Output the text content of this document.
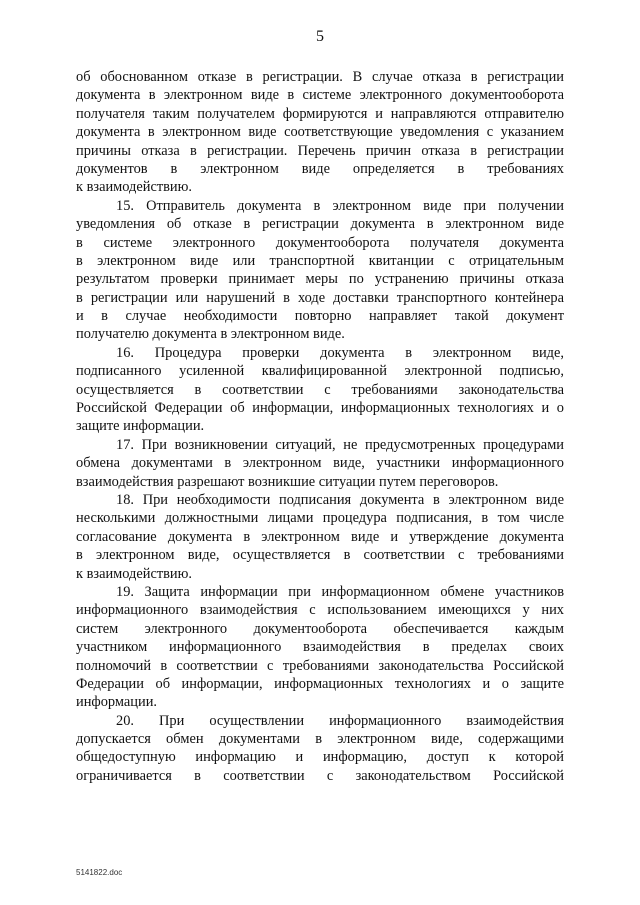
5
об обоснованном отказе в регистрации. В случае отказа в регистрации
документа в электронном виде в системе электронного документооборота
получателя таким получателем формируются и направляются отправителю
документа в электронном виде соответствующие уведомления с указанием
причины отказа в регистрации. Перечень причин отказа в регистрации
документов в электронном виде определяется в требованиях
к взаимодействию.
15. Отправитель документа в электронном виде при получении
уведомления об отказе в регистрации документа в электронном виде
в системе электронного документооборота получателя документа
в электронном виде или транспортной квитанции с отрицательным
результатом проверки принимает меры по устранению причины отказа
в регистрации или нарушений в ходе доставки транспортного контейнера
и в случае необходимости повторно направляет такой документ
получателю документа в электронном виде.
16. Процедура проверки документа в электронном виде,
подписанного усиленной квалифицированной электронной подписью,
осуществляется в соответствии с требованиями законодательства
Российской Федерации об информации, информационных технологиях и о
защите информации.
17. При возникновении ситуаций, не предусмотренных процедурами
обмена документами в электронном виде, участники информационного
взаимодействия разрешают возникшие ситуации путем переговоров.
18. При необходимости подписания документа в электронном виде
несколькими должностными лицами процедура подписания, в том числе
согласование документа в электронном виде и утверждение документа
в электронном виде, осуществляется в соответствии с требованиями
к взаимодействию.
19. Защита информации при информационном обмене участников
информационного взаимодействия с использованием имеющихся у них
систем электронного документооборота обеспечивается каждым
участником информационного взаимодействия в пределах своих
полномочий в соответствии с требованиями законодательства Российской
Федерации об информации, информационных технологиях и о защите
информации.
20. При осуществлении информационного взаимодействия
допускается обмен документами в электронном виде, содержащими
общедоступную информацию и информацию, доступ к которой
ограничивается в соответствии с законодательством Российской
5141822.doc
